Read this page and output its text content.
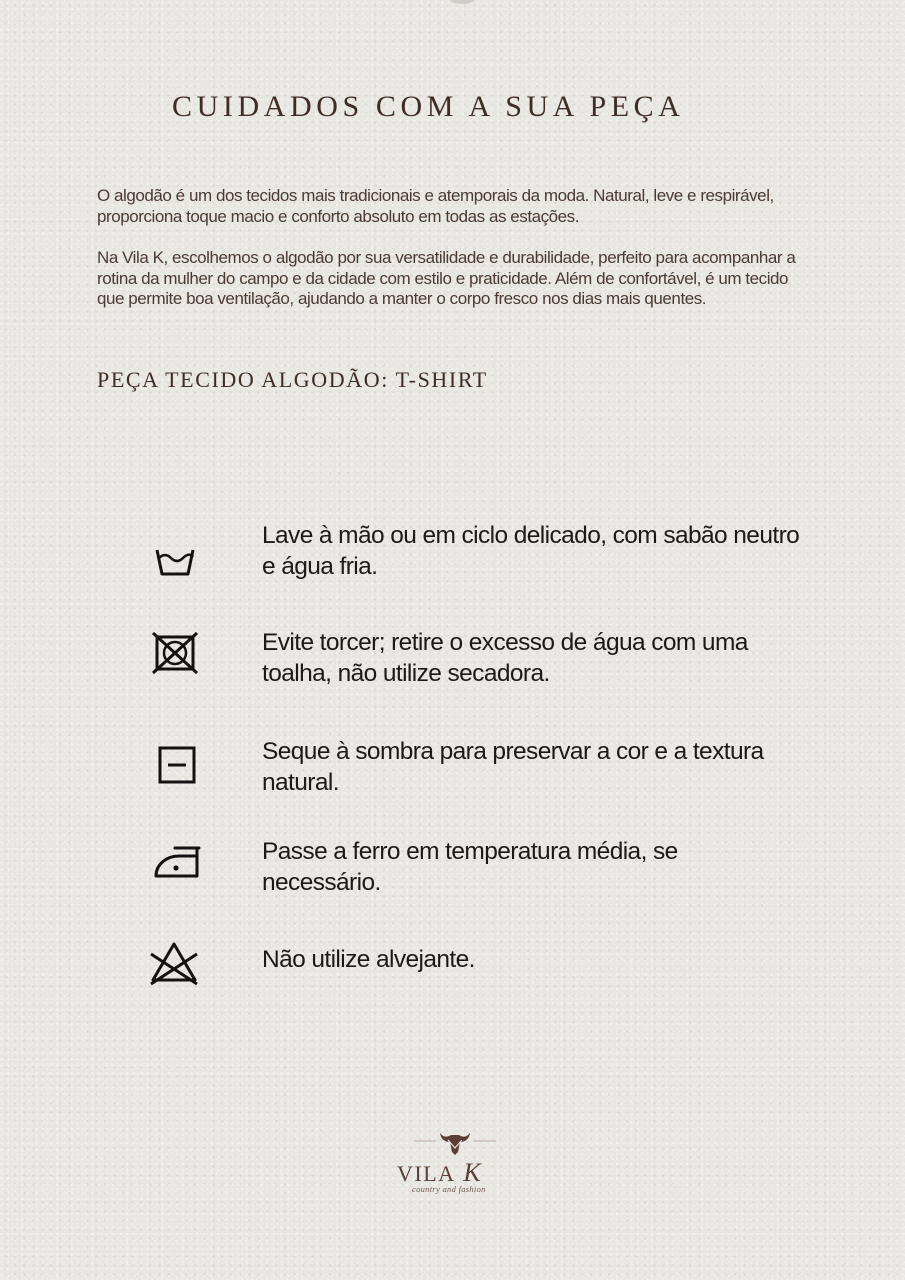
CUIDADOS COM A SUA PEÇA

O algodão é um dos tecidos mais tradicionais e atemporais da moda. Natural, leve e respirável, proporciona toque macio e conforto absoluto em todas as estações.

Na Vila K, escolhemos o algodão por sua versatilidade e durabilidade, perfeito para acompanhar a rotina da mulher do campo e da cidade com estilo e praticidade. Além de confortável, é um tecido que permite boa ventilação, ajudando a manter o corpo fresco nos dias mais quentes.

PEÇA TECIDO ALGODÃO: T-SHIRT

Lave à mão ou em ciclo delicado, com sabão neutro e água fria.

Evite torcer; retire o excesso de água com uma toalha, não utilize secadora.

Seque à sombra para preservar a cor e a textura natural.

Passe a ferro em temperatura média, se necessário.

Não utilize alvejante.

VILA K
country and fashion
